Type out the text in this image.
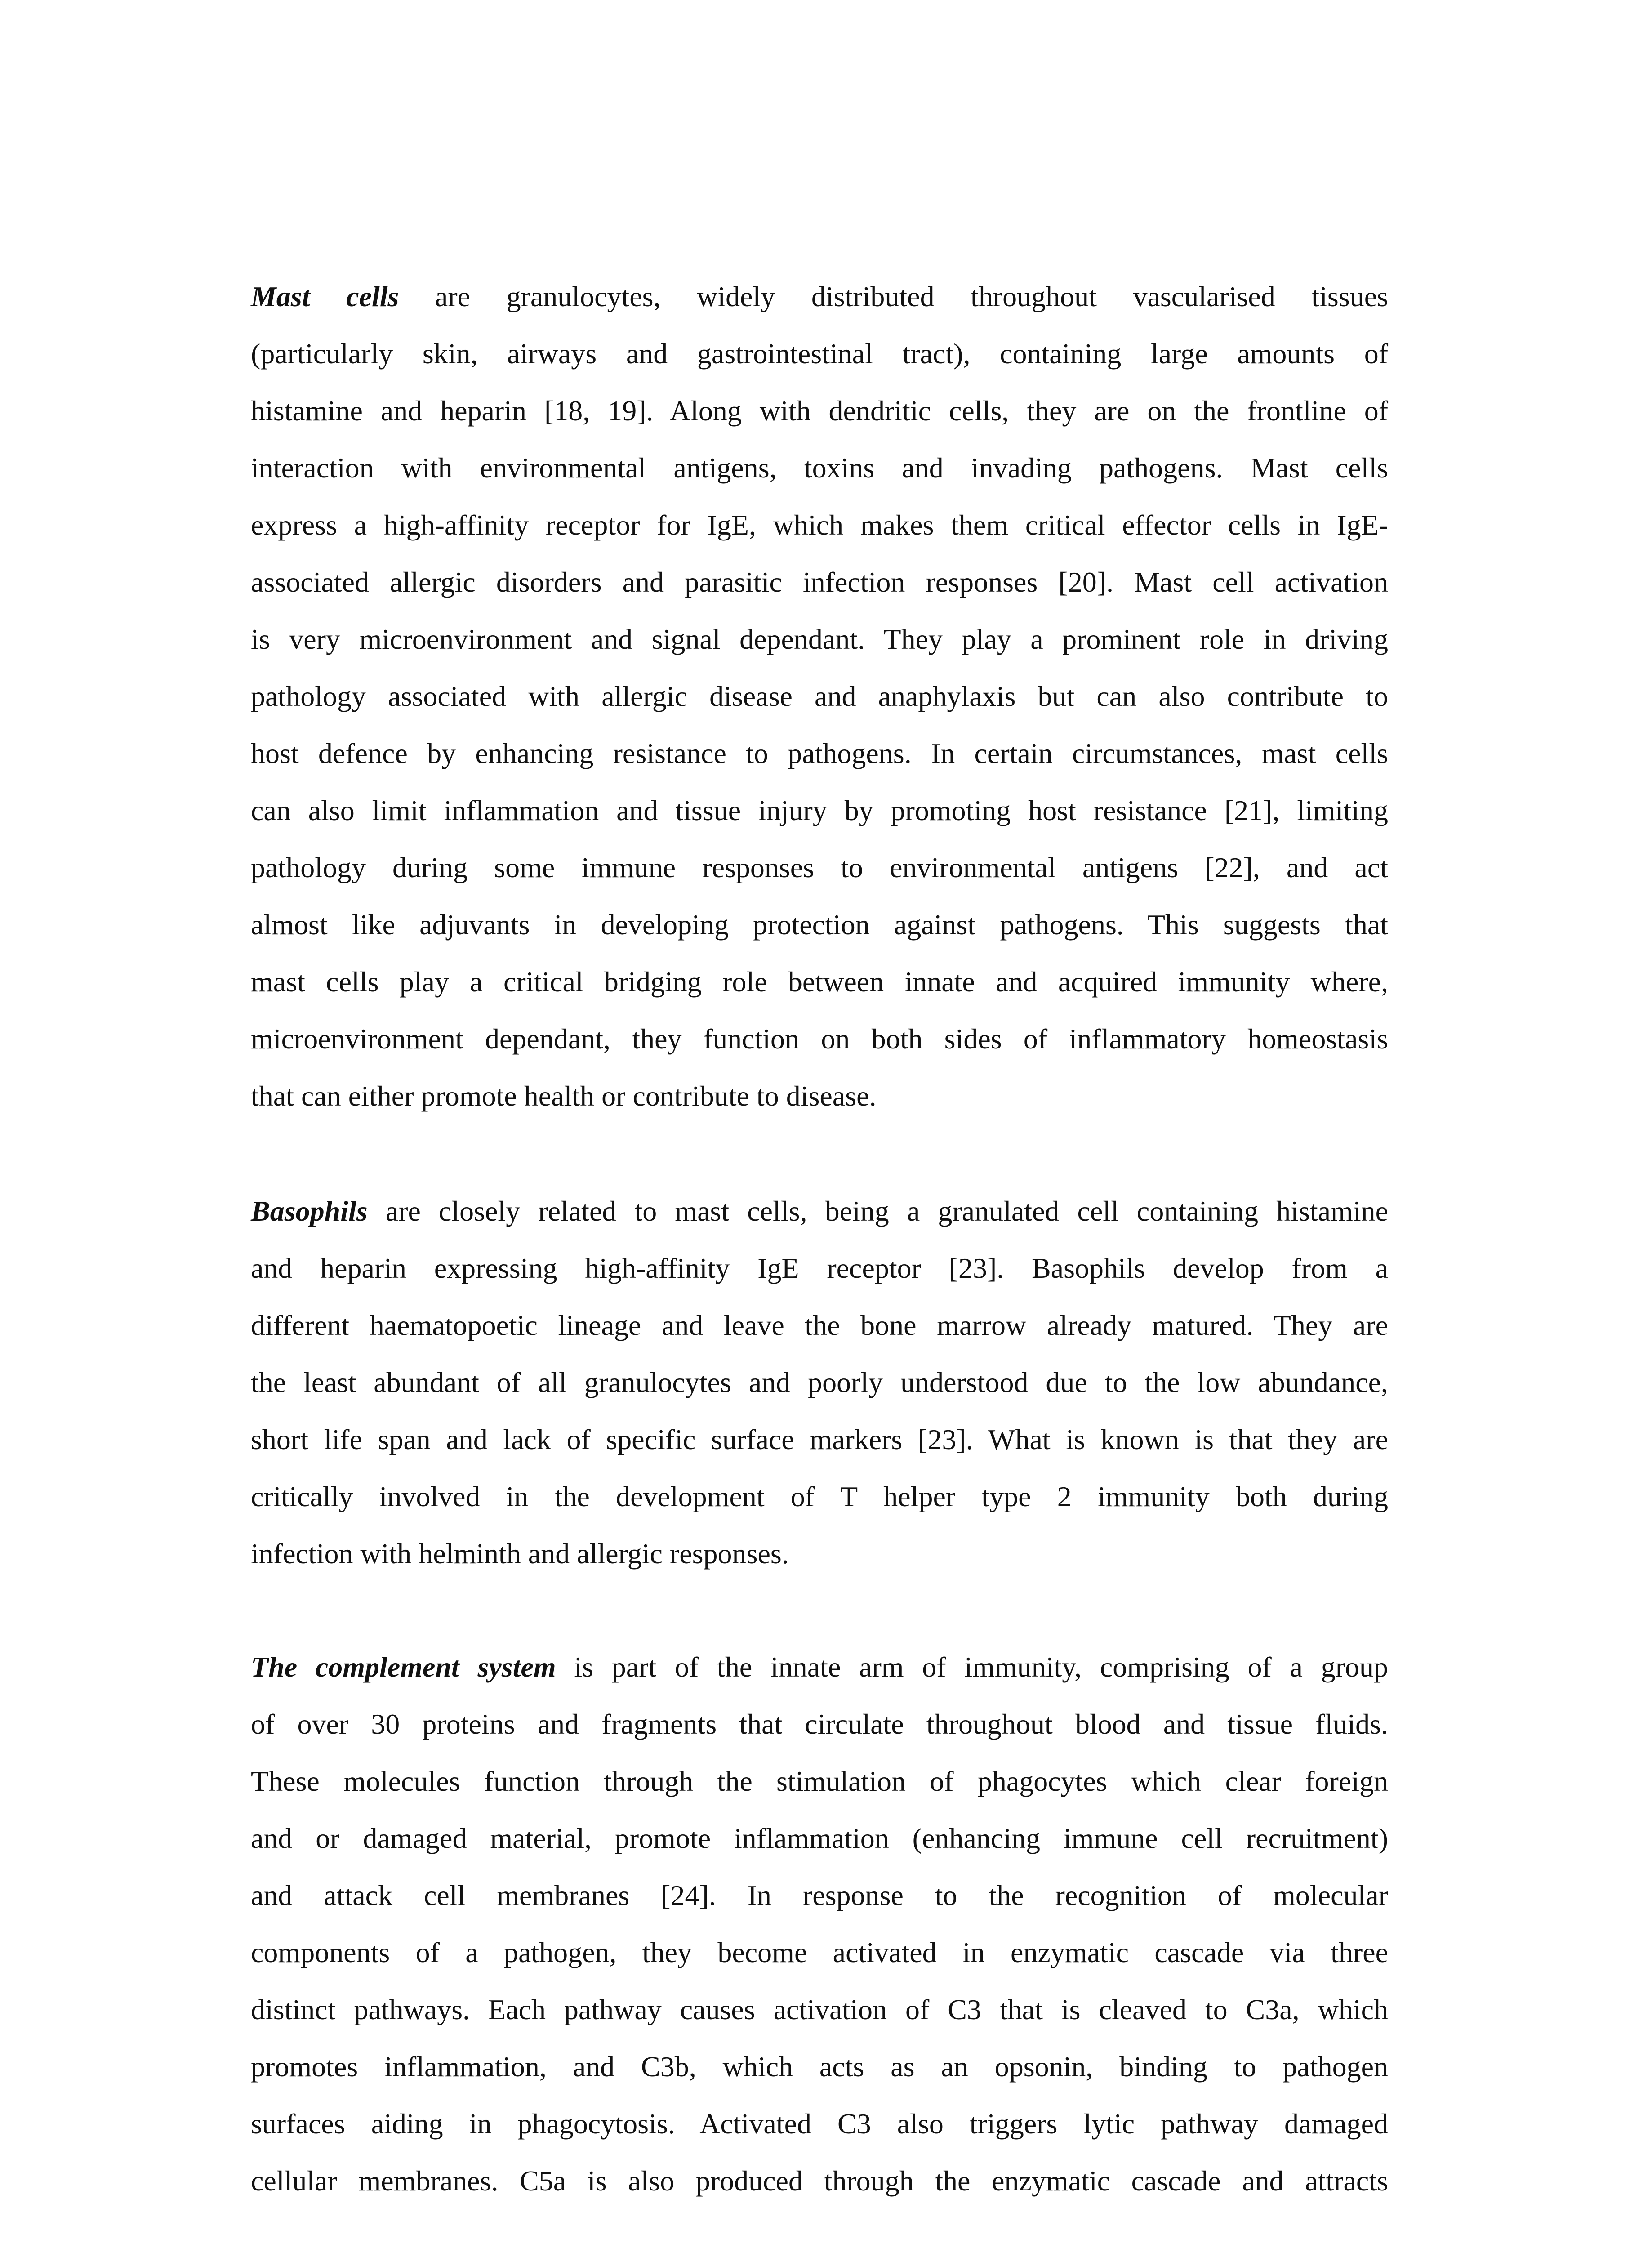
Mast cells are granulocytes, widely distributed throughout vascularised tissues
(particularly skin, airways and gastrointestinal tract), containing large amounts of
histamine and heparin [18, 19]. Along with dendritic cells, they are on the frontline of
interaction with environmental antigens, toxins and invading pathogens. Mast cells
express a high-affinity receptor for IgE, which makes them critical effector cells in IgE-
associated allergic disorders and parasitic infection responses [20]. Mast cell activation
is very microenvironment and signal dependant. They play a prominent role in driving
pathology associated with allergic disease and anaphylaxis but can also contribute to
host defence by enhancing resistance to pathogens. In certain circumstances, mast cells
can also limit inflammation and tissue injury by promoting host resistance [21], limiting
pathology during some immune responses to environmental antigens [22], and act
almost like adjuvants in developing protection against pathogens. This suggests that
mast cells play a critical bridging role between innate and acquired immunity where,
microenvironment dependant, they function on both sides of inflammatory homeostasis
that can either promote health or contribute to disease.
Basophils are closely related to mast cells, being a granulated cell containing histamine
and heparin expressing high-affinity IgE receptor [23]. Basophils develop from a
different haematopoetic lineage and leave the bone marrow already matured. They are
the least abundant of all granulocytes and poorly understood due to the low abundance,
short life span and lack of specific surface markers [23]. What is known is that they are
critically involved in the development of T helper type 2 immunity both during
infection with helminth and allergic responses.
The complement system is part of the innate arm of immunity, comprising of a group
of over 30 proteins and fragments that circulate throughout blood and tissue fluids.
These molecules function through the stimulation of phagocytes which clear foreign
and or damaged material, promote inflammation (enhancing immune cell recruitment)
and attack cell membranes [24]. In response to the recognition of molecular
components of a pathogen, they become activated in enzymatic cascade via three
distinct pathways. Each pathway causes activation of C3 that is cleaved to C3a, which
promotes inflammation, and C3b, which acts as an opsonin, binding to pathogen
surfaces aiding in phagocytosis. Activated C3 also triggers lytic pathway damaged
cellular membranes. C5a is also produced through the enzymatic cascade and attracts
